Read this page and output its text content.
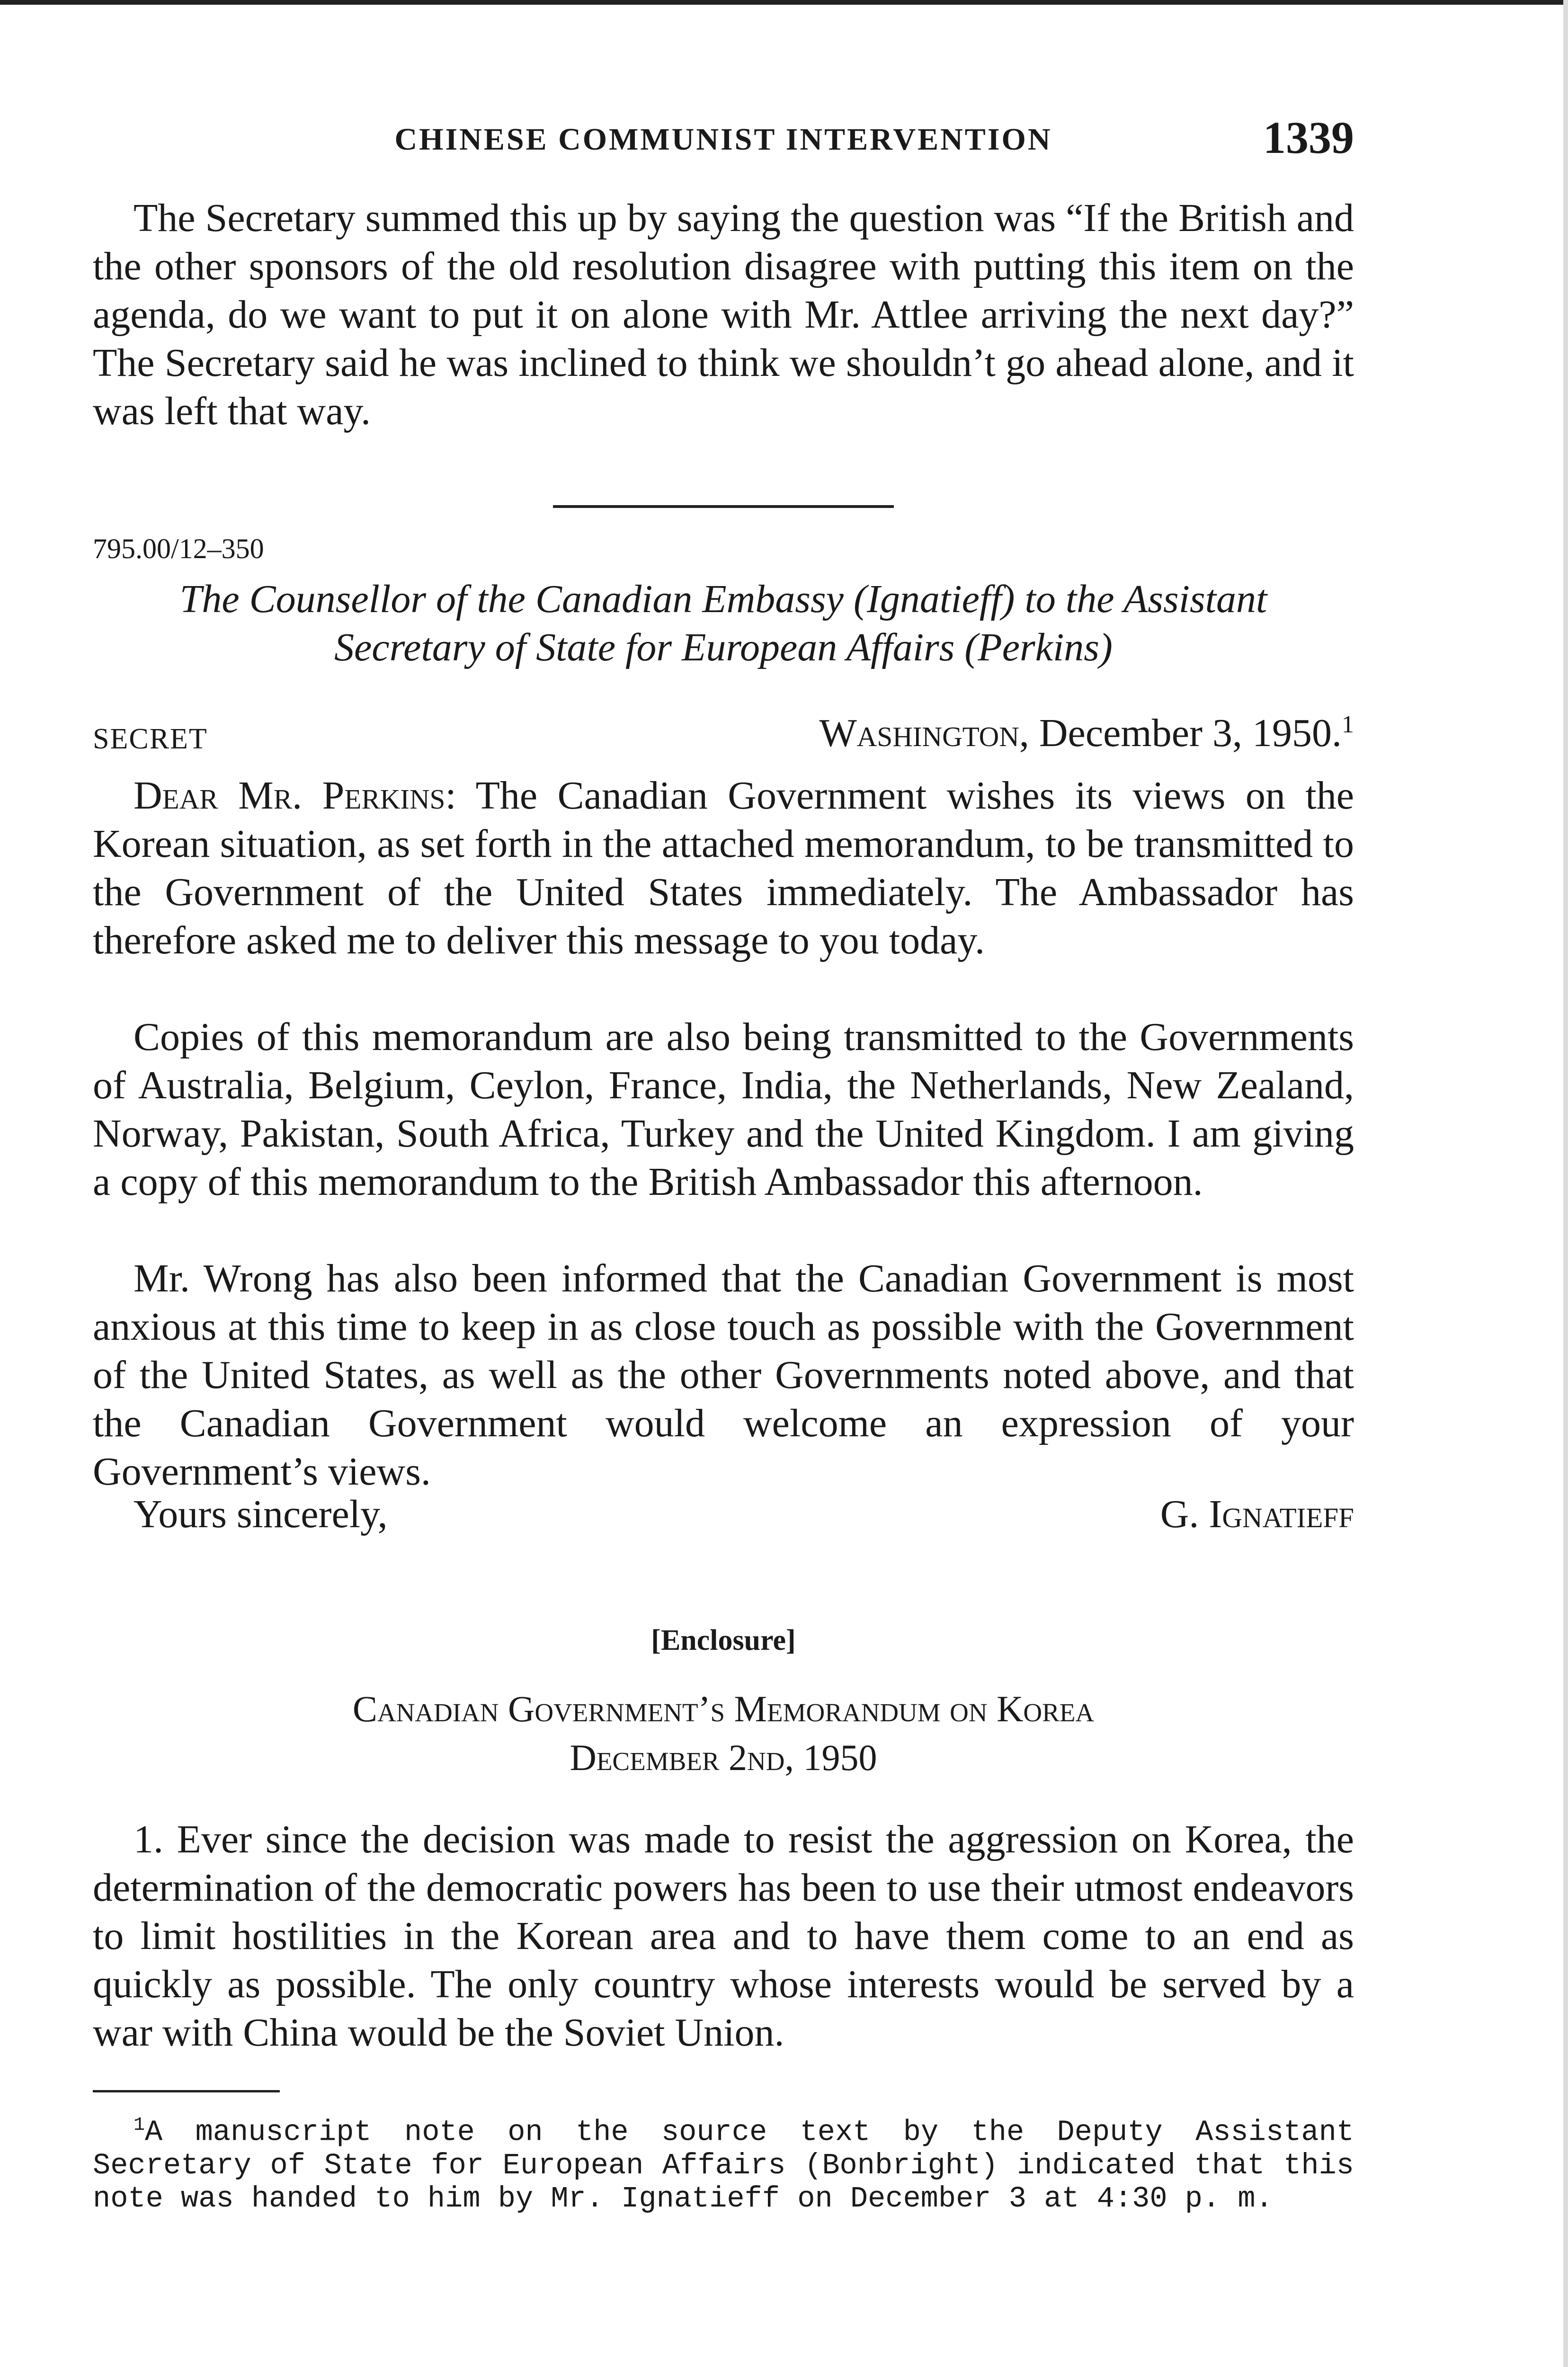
CHINESE COMMUNIST INTERVENTION	1339

The Secretary summed this up by saying the question was “If the British and the other sponsors of the old resolution disagree with putting this item on the agenda, do we want to put it on alone with Mr. Attlee arriving the next day?” The Secretary said he was inclined to think we shouldn’t go ahead alone, and it was left that way.

795.00/12–350
The Counsellor of the Canadian Embassy (Ignatieff) to the Assistant
Secretary of State for European Affairs (Perkins)
SECRET	Washington, December 3, 1950.$^1$

Dear Mr. Perkins: The Canadian Government wishes its views on the Korean situation, as set forth in the attached memorandum, to be transmitted to the Government of the United States immediately. The Ambassador has therefore asked me to deliver this message to you today.

Copies of this memorandum are also being transmitted to the Governments of Australia, Belgium, Ceylon, France, India, the Netherlands, New Zealand, Norway, Pakistan, South Africa, Turkey and the United Kingdom. I am giving a copy of this memorandum to the British Ambassador this afternoon.

Mr. Wrong has also been informed that the Canadian Government is most anxious at this time to keep in as close touch as possible with the Government of the United States, as well as the other Governments noted above, and that the Canadian Government would welcome an expression of your Government’s views.

Yours sincerely,	G. Ignatieff
[Enclosure]
Canadian Government’s Memorandum on Korea
December 2nd, 1950

1. Ever since the decision was made to resist the aggression on Korea, the determination of the democratic powers has been to use their utmost endeavors to limit hostilities in the Korean area and to have them come to an end as quickly as possible. The only country whose interests would be served by a war with China would be the Soviet Union.

$^1$A manuscript note on the source text by the Deputy Assistant Secretary of State for European Affairs (Bonbright) indicated that this note was handed to him by Mr. Ignatieff on December 3 at 4:30 p. m.
